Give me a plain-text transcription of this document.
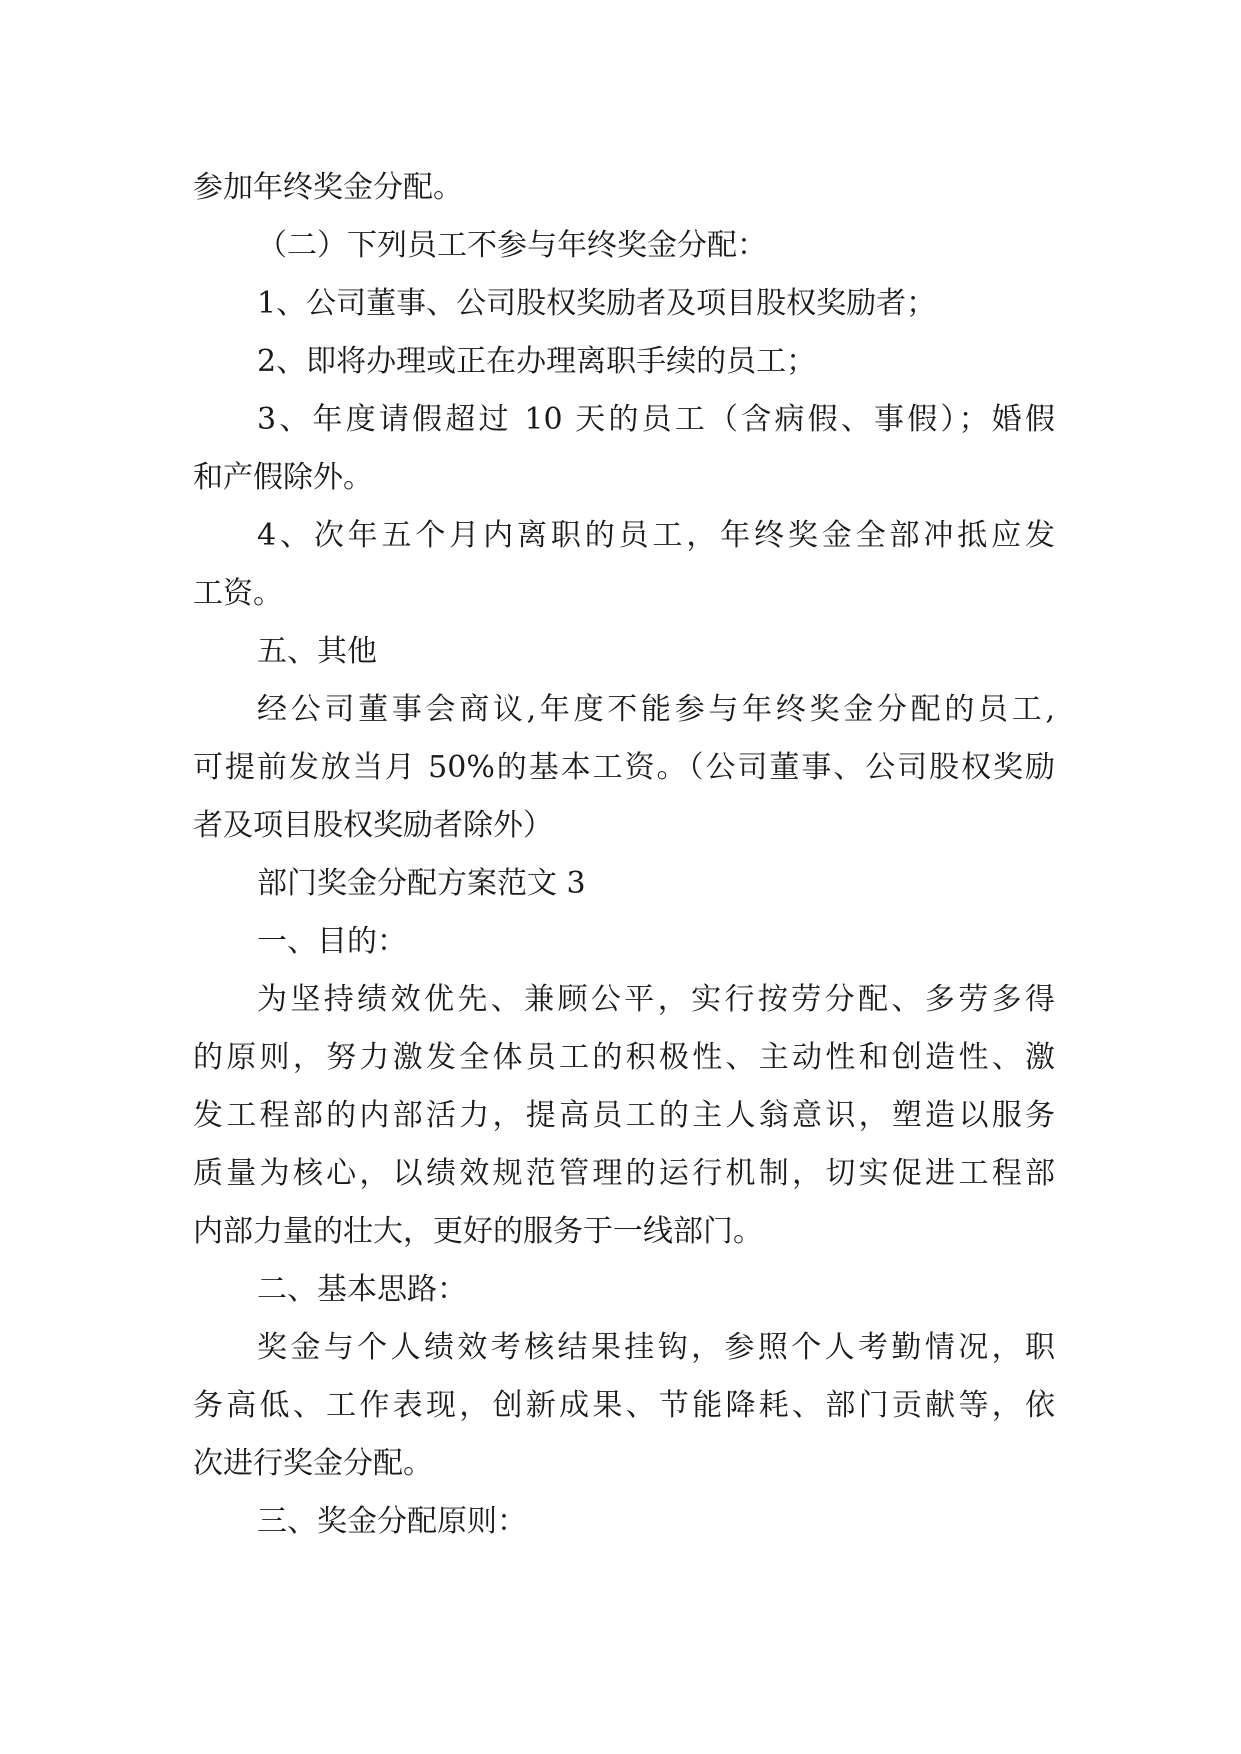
参加年终奖金分配。

（二）下列员工不参与年终奖金分配：

1、公司董事、公司股权奖励者及项目股权奖励者；

2、即将办理或正在办理离职手续的员工；

3、年度请假超过 10 天的员工（含病假、事假）；婚假

和产假除外。

4、次年五个月内离职的员工，年终奖金全部冲抵应发

工资。

五、其他

经公司董事会商议,年度不能参与年终奖金分配的员工,

可提前发放当月 50%的基本工资。（公司董事、公司股权奖励

者及项目股权奖励者除外）

部门奖金分配方案范文 3

一、目的：

为坚持绩效优先、兼顾公平，实行按劳分配、多劳多得

的原则，努力激发全体员工的积极性、主动性和创造性、激

发工程部的内部活力，提高员工的主人翁意识，塑造以服务

质量为核心，以绩效规范管理的运行机制，切实促进工程部

内部力量的壮大，更好的服务于一线部门。

二、基本思路：

奖金与个人绩效考核结果挂钩，参照个人考勤情况，职

务高低、工作表现，创新成果、节能降耗、部门贡献等，依

次进行奖金分配。

三、奖金分配原则：
